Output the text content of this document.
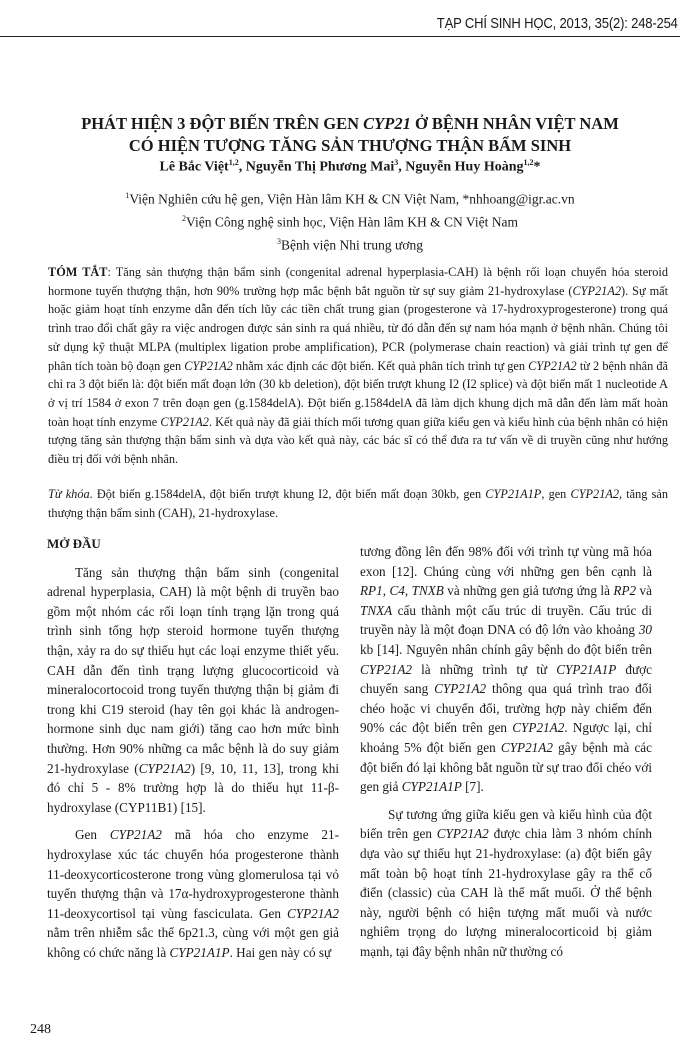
TẠP CHÍ SINH HỌC, 2013, 35(2): 248-254
PHÁT HIỆN 3 ĐỘT BIẾN TRÊN GEN CYP21 Ở BỆNH NHÂN VIỆT NAM
CÓ HIỆN TƯỢNG TĂNG SẢN THƯỢNG THẬN BẨM SINH
Lê Bắc Việt$^{1,2}$, Nguyễn Thị Phương Mai$^3$, Nguyễn Huy Hoàng$^{1,2}$*
$^1$Viện Nghiên cứu hệ gen, Viện Hàn lâm KH & CN Việt Nam, *nhhoang@igr.ac.vn
$^2$Viện Công nghệ sinh học, Viện Hàn lâm KH & CN Việt Nam
$^3$Bệnh viện Nhi trung ương
TÓM TẮT: Tăng sản thượng thận bẩm sinh (congenital adrenal hyperplasia-CAH) là bệnh rối loạn chuyển hóa steroid hormone tuyến thượng thận, hơn 90% trường hợp mắc bệnh bắt nguồn từ sự suy giảm 21-hydroxylase (CYP21A2). Sự mất hoặc giảm hoạt tính enzyme dẫn đến tích lũy các tiền chất trung gian (progesterone và 17-hydroxyprogesterone) trong quá trình trao đổi chất gây ra việc androgen được sản sinh ra quá nhiều, từ đó dẫn đến sự nam hóa mạnh ở bệnh nhân. Chúng tôi sử dụng kỹ thuật MLPA (multiplex ligation probe amplification), PCR (polymerase chain reaction) và giải trình tự gen để phân tích toàn bộ đoạn gen CYP21A2 nhằm xác định các đột biến. Kết quả phân tích trình tự gen CYP21A2 từ 2 bệnh nhân đã chỉ ra 3 đột biến là: đột biến mất đoạn lớn (30 kb deletion), đột biến trượt khung I2 (I2 splice) và đột biến mất 1 nucleotide A ở vị trí 1584 ở exon 7 trên đoạn gen (g.1584delA). Đột biến g.1584delA đã làm dịch khung dịch mã dẫn đến làm mất hoàn toàn hoạt tính enzyme CYP21A2. Kết quả này đã giải thích mối tương quan giữa kiểu gen và kiểu hình của bệnh nhân có hiện tượng tăng sản thượng thận bẩm sinh và dựa vào kết quả này, các bác sĩ có thể đưa ra tư vấn về di truyền cũng như hướng điều trị đối với bệnh nhân.
Từ khóa. Đột biến g.1584delA, đột biến trượt khung I2, đột biến mất đoạn 30kb, gen CYP21A1P, gen CYP21A2, tăng sản thượng thận bẩm sinh (CAH), 21-hydroxylase.
MỞ ĐẦU

Tăng sản thượng thận bẩm sinh (congenital adrenal hyperplasia, CAH) là một bệnh di truyền bao gồm một nhóm các rối loạn tính trạng lặn trong quá trình sinh tổng hợp steroid hormone tuyến thượng thận, xảy ra do sự thiếu hụt các loại enzyme thiết yếu. CAH dẫn đến tình trạng lượng glucocorticoid và mineralocortocoid trong tuyến thượng thận bị giảm đi trong khi C19 steroid (hay tên gọi khác là androgen-hormone sinh dục nam giới) tăng cao hơn mức bình thường. Hơn 90% những ca mắc bệnh là do suy giảm 21-hydroxylase (CYP21A2) [9, 10, 11, 13], trong khi đó chỉ 5 - 8% trường hợp là do thiếu hụt 11-β-hydroxylase (CYP11B1) [15].

Gen CYP21A2 mã hóa cho enzyme 21-hydroxylase xúc tác chuyển hóa progesterone thành 11-deoxycorticosterone trong vùng glomerulosa tại vỏ tuyến thượng thận và 17α-hydroxyprogesterone thành 11-deoxycortisol tại vùng fasciculata. Gen CYP21A2 nằm trên nhiễm sắc thể 6p21.3, cùng với một gen giả không có chức năng là CYP21A1P. Hai gen này có sự

tương đồng lên đến 98% đối với trình tự vùng mã hóa exon [12]. Chúng cùng với những gen bên cạnh là RP1, C4, TNXB và những gen giả tương ứng là RP2 và TNXA cấu thành một cấu trúc di truyền. Cấu trúc di truyền này là một đoạn DNA có độ lớn vào khoảng 30 kb [14]. Nguyên nhân chính gây bệnh do đột biến trên CYP21A2 là những trình tự từ CYP21A1P được chuyển sang CYP21A2 thông qua quá trình trao đổi chéo hoặc vi chuyển đổi, trường hợp này chiếm đến 90% các đột biến trên gen CYP21A2. Ngược lại, chỉ khoảng 5% đột biến gen CYP21A2 gây bệnh mà các đột biến đó lại không bắt nguồn từ sự trao đổi chéo với gen giả CYP21A1P [7].

Sự tương ứng giữa kiểu gen và kiểu hình của đột biến trên gen CYP21A2 được chia làm 3 nhóm chính dựa vào sự thiếu hụt 21-hydroxylase: (a) đột biến gây mất toàn bộ hoạt tính 21-hydroxylase gây ra thể cổ điển (classic) của CAH là thể mất muối. Ở thể bệnh này, người bệnh có hiện tượng mất muối và nước nghiêm trọng do lượng mineralocorticoid bị giảm mạnh, tại đây bệnh nhân nữ thường có

248
